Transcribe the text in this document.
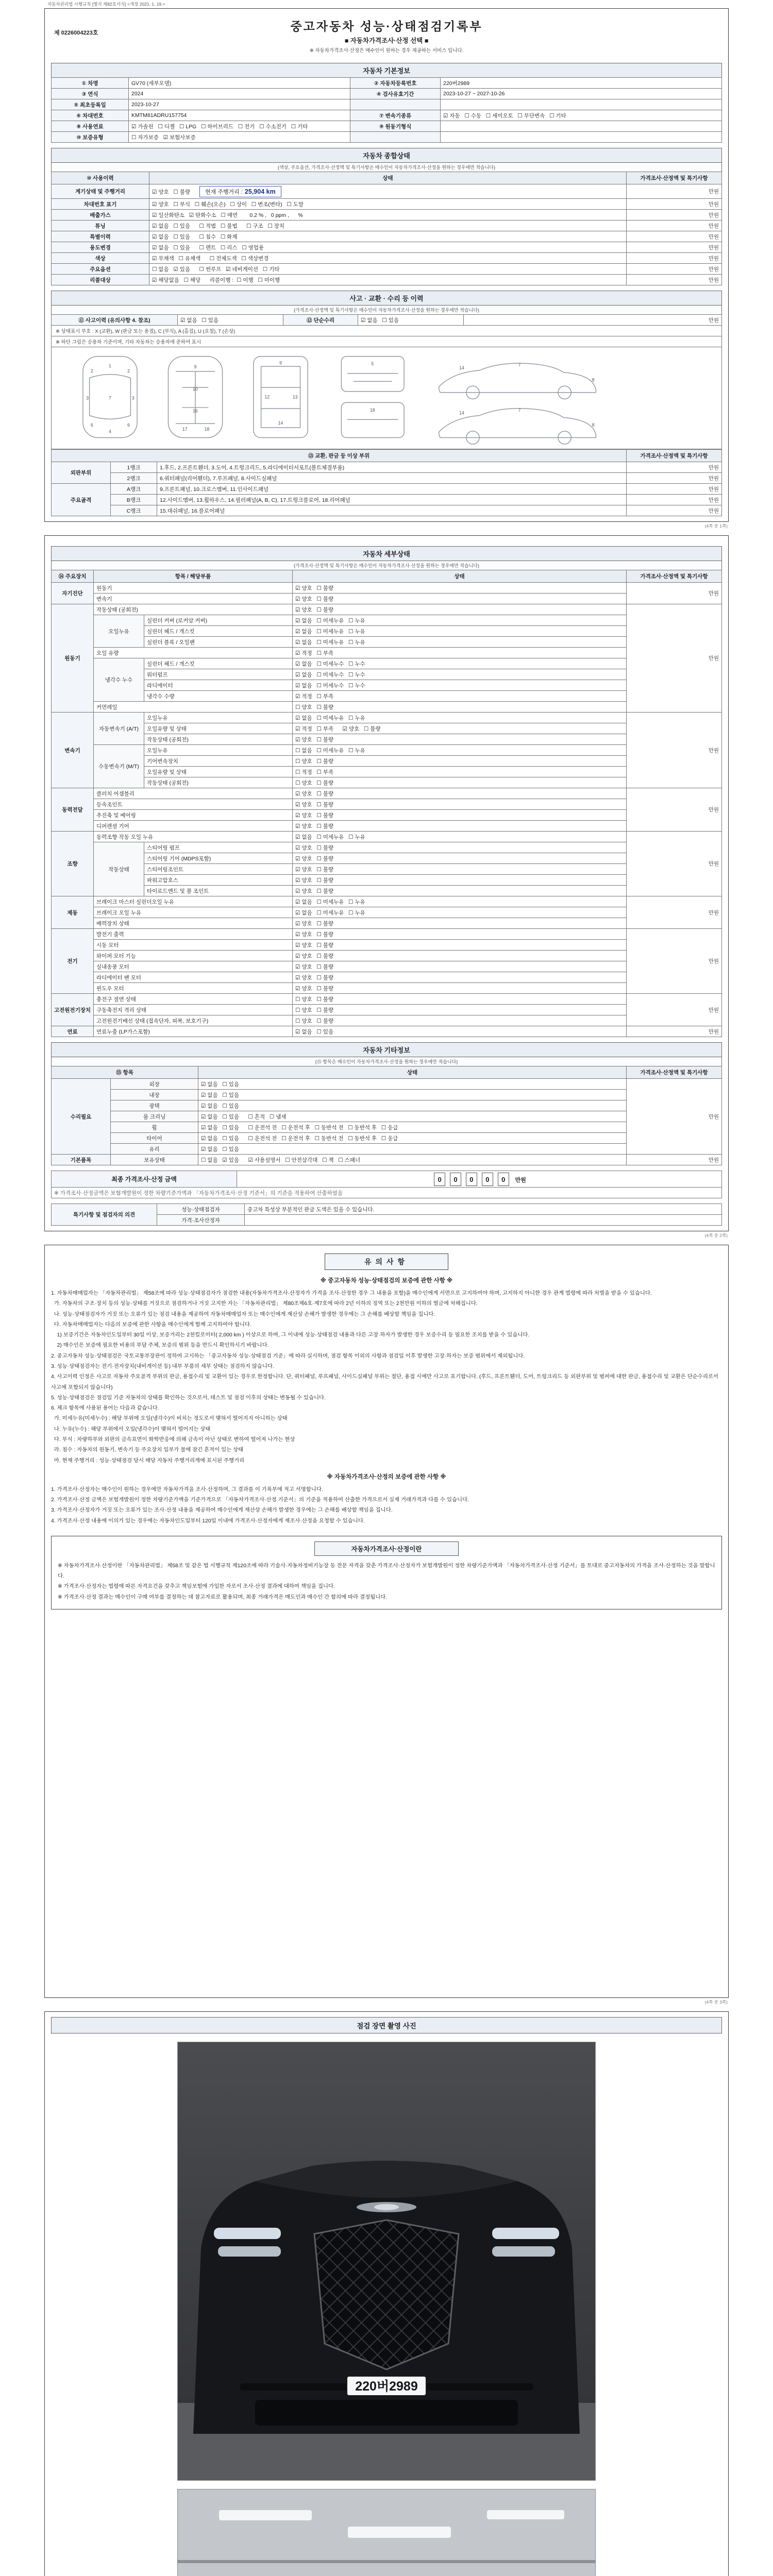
자동차관리법 시행규칙 [별지 제82호서식] <개정 2021. 1. 19.>
제 0226004223호	중고자동차 성능·상태점검기록부
■ 자동차가격조사·산정 선택 ■
※ 자동차가격조사·산정은 매수인이 원하는 경우 제공하는 서비스 입니다.
자동차 기본정보
① 차명	GV70 (세부모델)	② 자동차등록번호	220버2989
③ 연식	2024	④ 검사유효기간	2023-10-27 ~ 2027-10-26
⑤ 최초등록일	2023-10-27		
⑥ 차대번호	KMTM81ADRU157754	⑦ 변속기종류	☑ 자동   ☐ 수동   ☐ 세미오토   ☐ 무단변속   ☐ 기타
⑧ 사용연료	☑ 가솔린   ☐ 디젤   ☐ LPG   ☐ 하이브리드   ☐ 전기   ☐ 수소전기   ☐ 기타	⑨ 원동기형식	
⑩ 보증유형	☐ 자가보증   ☑ 보험사보증		
자동차 종합상태
(색상, 주요옵션, 가격조사·산정액 및 특기사항은 매수인이 자동차가격조사·산정을 원하는 경우에만 적습니다)
⑩ 사용이력	상태	가격조사·산정액 및 특기사항
계기상태 및 주행거리	☑ 양호   ☐ 불량 현재 주행거리 : 25,904 km	만원
차대번호 표기	☑ 양호   ☐ 부식   ☐ 훼손(오손)   ☐ 상이   ☐ 변조(변타)   ☐ 도말	만원
배출가스	☑ 일산화탄소   ☑ 탄화수소   ☐ 매연        0.2 % ,   0 ppm ,      %	만원
튜닝	☑ 없음   ☐ 있음      ☐ 적법   ☐ 불법      ☐ 구조   ☐ 장치	만원
특별이력	☑ 없음   ☐ 있음      ☐ 침수   ☐ 화재	만원
용도변경	☑ 없음   ☐ 있음      ☐ 렌트   ☐ 리스   ☐ 영업용	만원
색상	☑ 무채색   ☐ 유채색      ☐ 전체도색   ☐ 색상변경	만원
주요옵션	☐ 없음   ☑ 있음      ☐ 썬루프   ☑ 네비게이션   ☐ 기타	만원
리콜대상	☑ 해당없음   ☐ 해당      리콜이행 :  ☐ 이행   ☐ 미이행	만원
사고 · 교환 · 수리 등 이력
(가격조사·산정액 및 특기사항은 매수인이 자동차가격조사·산정을 원하는 경우에만 적습니다)
⑪ 사고이력 (유의사항 4. 참조)	☑ 없음   ☐ 있음	⑫ 단순수리	☑ 없음   ☐ 있음	만원
※ 상태표시 부호 : X (교환), W (판금 또는 용접), C (부식), A (흠집), U (요철), T (손상)
※ 하단 그림은 승용차 기준이며, 기타 자동차는 승용차에 준하여 표시
1
7
4
2	2
3	3
6	6
9
10
16
17	18
9
12	13
14
5
18
14
7
8
14
7
8
⑬ 교환, 판금 등 이상 부위			가격조사·산정액 및 특기사항
외판부위	1랭크	1.후드, 2.프론트휀더, 3.도어, 4.트렁크리드, 5.라디에이터서포트(볼트체결부품)	만원
	2랭크	6.쿼터패널(리어휀더), 7.루프패널, 8.사이드실패널	만원
주요골격	A랭크	9.프론트패널, 10.크로스멤버, 11.인사이드패널	만원
	B랭크	12.사이드멤버, 13.휠하우스, 14.필러패널(A, B, C), 17.트렁크플로어, 18.리어패널	만원
	C랭크	15.대쉬패널, 16.플로어패널	만원
(4쪽 중 1쪽)
자동차 세부상태
(가격조사·산정액 및 특기사항은 매수인이 자동차가격조사·산정을 원하는 경우에만 적습니다)
⑭ 주요장치	항목 / 해당부품		상태	가격조사·산정액 및 특기사항
자기진단	원동기		☑ 양호   ☐ 불량	만원
	변속기		☑ 양호   ☐ 불량	
원동기	작동상태 (공회전)		☑ 양호   ☐ 불량	만원
	오일누유	실린더 커버 (로커암 커버)	☑ 없음   ☐ 미세누유   ☐ 누유	
		실린더 헤드 / 개스킷	☑ 없음   ☐ 미세누유   ☐ 누유	
		실린더 블록 / 오일팬	☑ 없음   ☐ 미세누유   ☐ 누유	
	오일 유량		☑ 적정   ☐ 부족	
	냉각수 누수	실린더 헤드 / 개스킷	☑ 없음   ☐ 미세누수   ☐ 누수	
		워터펌프	☑ 없음   ☐ 미세누수   ☐ 누수	
		라디에이터	☑ 없음   ☐ 미세누수   ☐ 누수	
		냉각수 수량	☑ 적정   ☐ 부족	
	커먼레일		☐ 양호   ☐ 불량	
변속기	자동변속기 (A/T)	오일누유	☑ 없음   ☐ 미세누유   ☐ 누유	만원
		오일유량 및 상태	☑ 적정   ☐ 부족      ☑ 양호   ☐ 불량	
		작동상태 (공회전)	☑ 양호   ☐ 불량	
	수동변속기 (M/T)	오일누유	☐ 없음   ☐ 미세누유   ☐ 누유	
		기어변속장치	☐ 양호   ☐ 불량	
		오일유량 및 상태	☐ 적정   ☐ 부족	
		작동상태 (공회전)	☐ 양호   ☐ 불량	
동력전달	클러치 어셈블리		☑ 양호   ☐ 불량	만원
	등속조인트		☑ 양호   ☐ 불량	
	추진축 및 베어링		☑ 양호   ☐ 불량	
	디퍼렌셜 기어		☑ 양호   ☐ 불량	
조향	동력조향 작동 오일 누유		☑ 없음   ☐ 미세누유   ☐ 누유	만원
	작동상태	스티어링 펌프	☑ 양호   ☐ 불량	
		스티어링 기어 (MDPS포함)	☑ 양호   ☐ 불량	
		스티어링조인트	☑ 양호   ☐ 불량	
		파워고압호스	☑ 양호   ☐ 불량	
		타이로드엔드 및 볼 조인트	☑ 양호   ☐ 불량	
제동	브레이크 마스터 실린더오일 누유		☑ 없음   ☐ 미세누유   ☐ 누유	만원
	브레이크 오일 누유		☑ 없음   ☐ 미세누유   ☐ 누유	
	배력장치 상태		☑ 양호   ☐ 불량	
전기	발전기 출력		☑ 양호   ☐ 불량	만원
	시동 모터		☑ 양호   ☐ 불량	
	와이퍼 모터 기능		☑ 양호   ☐ 불량	
	실내송풍 모터		☑ 양호   ☐ 불량	
	라디에이터 팬 모터		☑ 양호   ☐ 불량	
	윈도우 모터		☑ 양호   ☐ 불량	
고전원전기장치	충전구 절연 상태		☐ 양호   ☐ 불량	만원
	구동축전지 격리 상태		☐ 양호   ☐ 불량	
	고전원전기배선 상태 (접속단자, 피복, 보호기구)		☐ 양호   ☐ 불량	
연료	연료누출 (LP가스포함)		☑ 없음   ☐ 있음	만원
자동차 기타정보
(⑮ 항목은 매수인이 자동차가격조사·산정을 원하는 경우에만 적습니다)
⑮ 항목		상태	가격조사·산정액 및 특기사항
수리필요	외장	☑ 없음   ☐ 있음	만원
	내장	☑ 없음   ☐ 있음	
	광택	☑ 없음   ☐ 있음	
	룸 크리닝	☑ 없음   ☐ 있음      ☐ 흔적   ☐ 냄새	
	휠	☑ 없음   ☐ 있음      ☐ 운전석 전   ☐ 운전석 후   ☐ 동반석 전   ☐ 동반석 후   ☐ 응급	
	타이어	☑ 없음   ☐ 있음      ☐ 운전석 전   ☐ 운전석 후   ☐ 동반석 전   ☐ 동반석 후   ☐ 응급	
	유리	☑ 없음   ☐ 있음	
기본품목	보유상태	☐ 없음   ☑ 있음      ☑ 사용설명서   ☐ 안전삼각대   ☐ 잭   ☐ 스패너	만원
최종 가격조사·산정 금액	0 0 0 0 0 만원
※ 가격조사·산정금액은 보험개발원이 정한 차량기준가액과 「자동차가격조사·산정 기준서」의 기준을 적용하여 산출하였음
특기사항 및 점검자의 의견	성능·상태점검자	중고차 특성상 부분적인 판금 도색은 있을 수 있습니다.
	가격·조사산정자	
(4쪽 중 2쪽)
유의사항
※ 중고자동차 성능·상태점검의 보증에 관한 사항 ※
1. 자동차매매업자는 「자동차관리법」 제58조에 따라 성능·상태점검자가 점검한 내용(자동차가격조사·산정자가 가격을 조사·산정한 경우 그 내용을 포함)을 매수인에게 서면으로 고지하여야 하며, 고지하지 아니한 경우 관계 법령에 따라 처벌을 받을 수 있습니다.
가. 자동차의 구조·장치 등의 성능·상태를 거짓으로 점검하거나 거짓 고지한 자는 「자동차관리법」 제80조제6호·제7호에 따라 2년 이하의 징역 또는 2천만원 이하의 벌금에 처해집니다.
나. 성능·상태점검자가 거짓 또는 오류가 있는 점검 내용을 제공하여 자동차매매업자 또는 매수인에게 재산상 손해가 발생한 경우에는 그 손해를 배상할 책임을 집니다.
다. 자동차매매업자는 다음의 보증에 관한 사항을 매수인에게 함께 고지하여야 합니다.
1) 보증기간은 자동차인도일부터 30일 이상, 보증거리는 2천킬로미터( 2,000 km ) 이상으로 하며, 그 이내에 성능·상태점검 내용과 다른 고장·하자가 발생한 경우 보증수리 등 필요한 조치를 받을 수 있습니다.
2) 매수인은 보증에 필요한 비용의 부담 주체, 보증의 범위 등을 반드시 확인하시기 바랍니다.
2. 중고자동차 성능·상태점검은 국토교통부장관이 정하여 고시하는 「중고자동차 성능·상태점검 기준」에 따라 실시하며, 점검 항목 이외의 사항과 점검일 이후 발생한 고장·하자는 보증 범위에서 제외됩니다.
3. 성능·상태점검자는 전기·전자장치(내비게이션 등) 내부 부품의 세부 상태는 점검하지 않습니다.
4. 사고이력 인정은 사고로 자동차 주요골격 부위의 판금, 용접수리 및 교환이 있는 경우로 한정합니다. 단, 쿼터패널, 루프패널, 사이드실패널 부위는 절단, 용접 시에만 사고로 표기합니다. (후드, 프론트휀더, 도어, 트렁크리드 등 외판부위 및 범퍼에 대한 판금, 용접수리 및 교환은 단순수리로서 사고에 포함되지 않습니다)
5. 성능·상태점검은 점검일 기준 자동차의 상태를 확인하는 것으로서, 테스트 및 점검 이후의 상태는 변동될 수 있습니다.
6. 체크 항목에 사용된 용어는 다음과 같습니다.
가. 미세누유(미세누수) : 해당 부위에 오일(냉각수)이 비치는 정도로서 맺혀서 떨어지지 아니하는 상태
나. 누유(누수) : 해당 부위에서 오일(냉각수)이 맺혀서 떨어지는 상태
다. 부식 : 차량하부와 외판의 금속표면이 화학반응에 의해 금속이 아닌 상태로 변하여 떨어져 나가는 현상
라. 침수 : 자동차의 원동기, 변속기 등 주요장치 일부가 물에 잠긴 흔적이 있는 상태
마. 현재 주행거리 : 성능·상태점검 당시 해당 자동차 주행거리계에 표시된 주행거리
※ 자동차가격조사·산정의 보증에 관한 사항 ※
1. 가격조사·산정자는 매수인이 원하는 경우에만 자동차가격을 조사·산정하며, 그 결과를 이 기록부에 적고 서명합니다.
2. 가격조사·산정 금액은 보험개발원이 정한 차량기준가액을 기준가격으로 「자동차가격조사·산정 기준서」의 기준을 적용하여 산출한 가격으로서 실제 거래가격과 다를 수 있습니다.
3. 가격조사·산정자가 거짓 또는 오류가 있는 조사·산정 내용을 제공하여 매수인에게 재산상 손해가 발생한 경우에는 그 손해를 배상할 책임을 집니다.
4. 가격조사·산정 내용에 이의가 있는 경우에는 자동차인도일부터 120일 이내에 가격조사·산정자에게 재조사·산정을 요청할 수 있습니다.
자동차가격조사·산정이란
※ 자동차가격조사·산정이란 「자동차관리법」 제58조 및 같은 법 시행규칙 제120조에 따라 기술사·자동차정비기능장 등 전문 자격을 갖춘 가격조사·산정자가 보험개발원이 정한 차량기준가액과 「자동차가격조사·산정 기준서」를 토대로 중고자동차의 가격을 조사·산정하는 것을 말합니다.
※ 가격조사·산정자는 법령에 따른 자격요건을 갖추고 책임보험에 가입한 자로서 조사·산정 결과에 대하여 책임을 집니다.
※ 가격조사·산정 결과는 매수인이 구매 여부를 결정하는 데 참고자료로 활용되며, 최종 거래가격은 매도인과 매수인 간 합의에 따라 결정됩니다.
(4쪽 중 3쪽)
점검 장면 촬영 사진
220버2989
